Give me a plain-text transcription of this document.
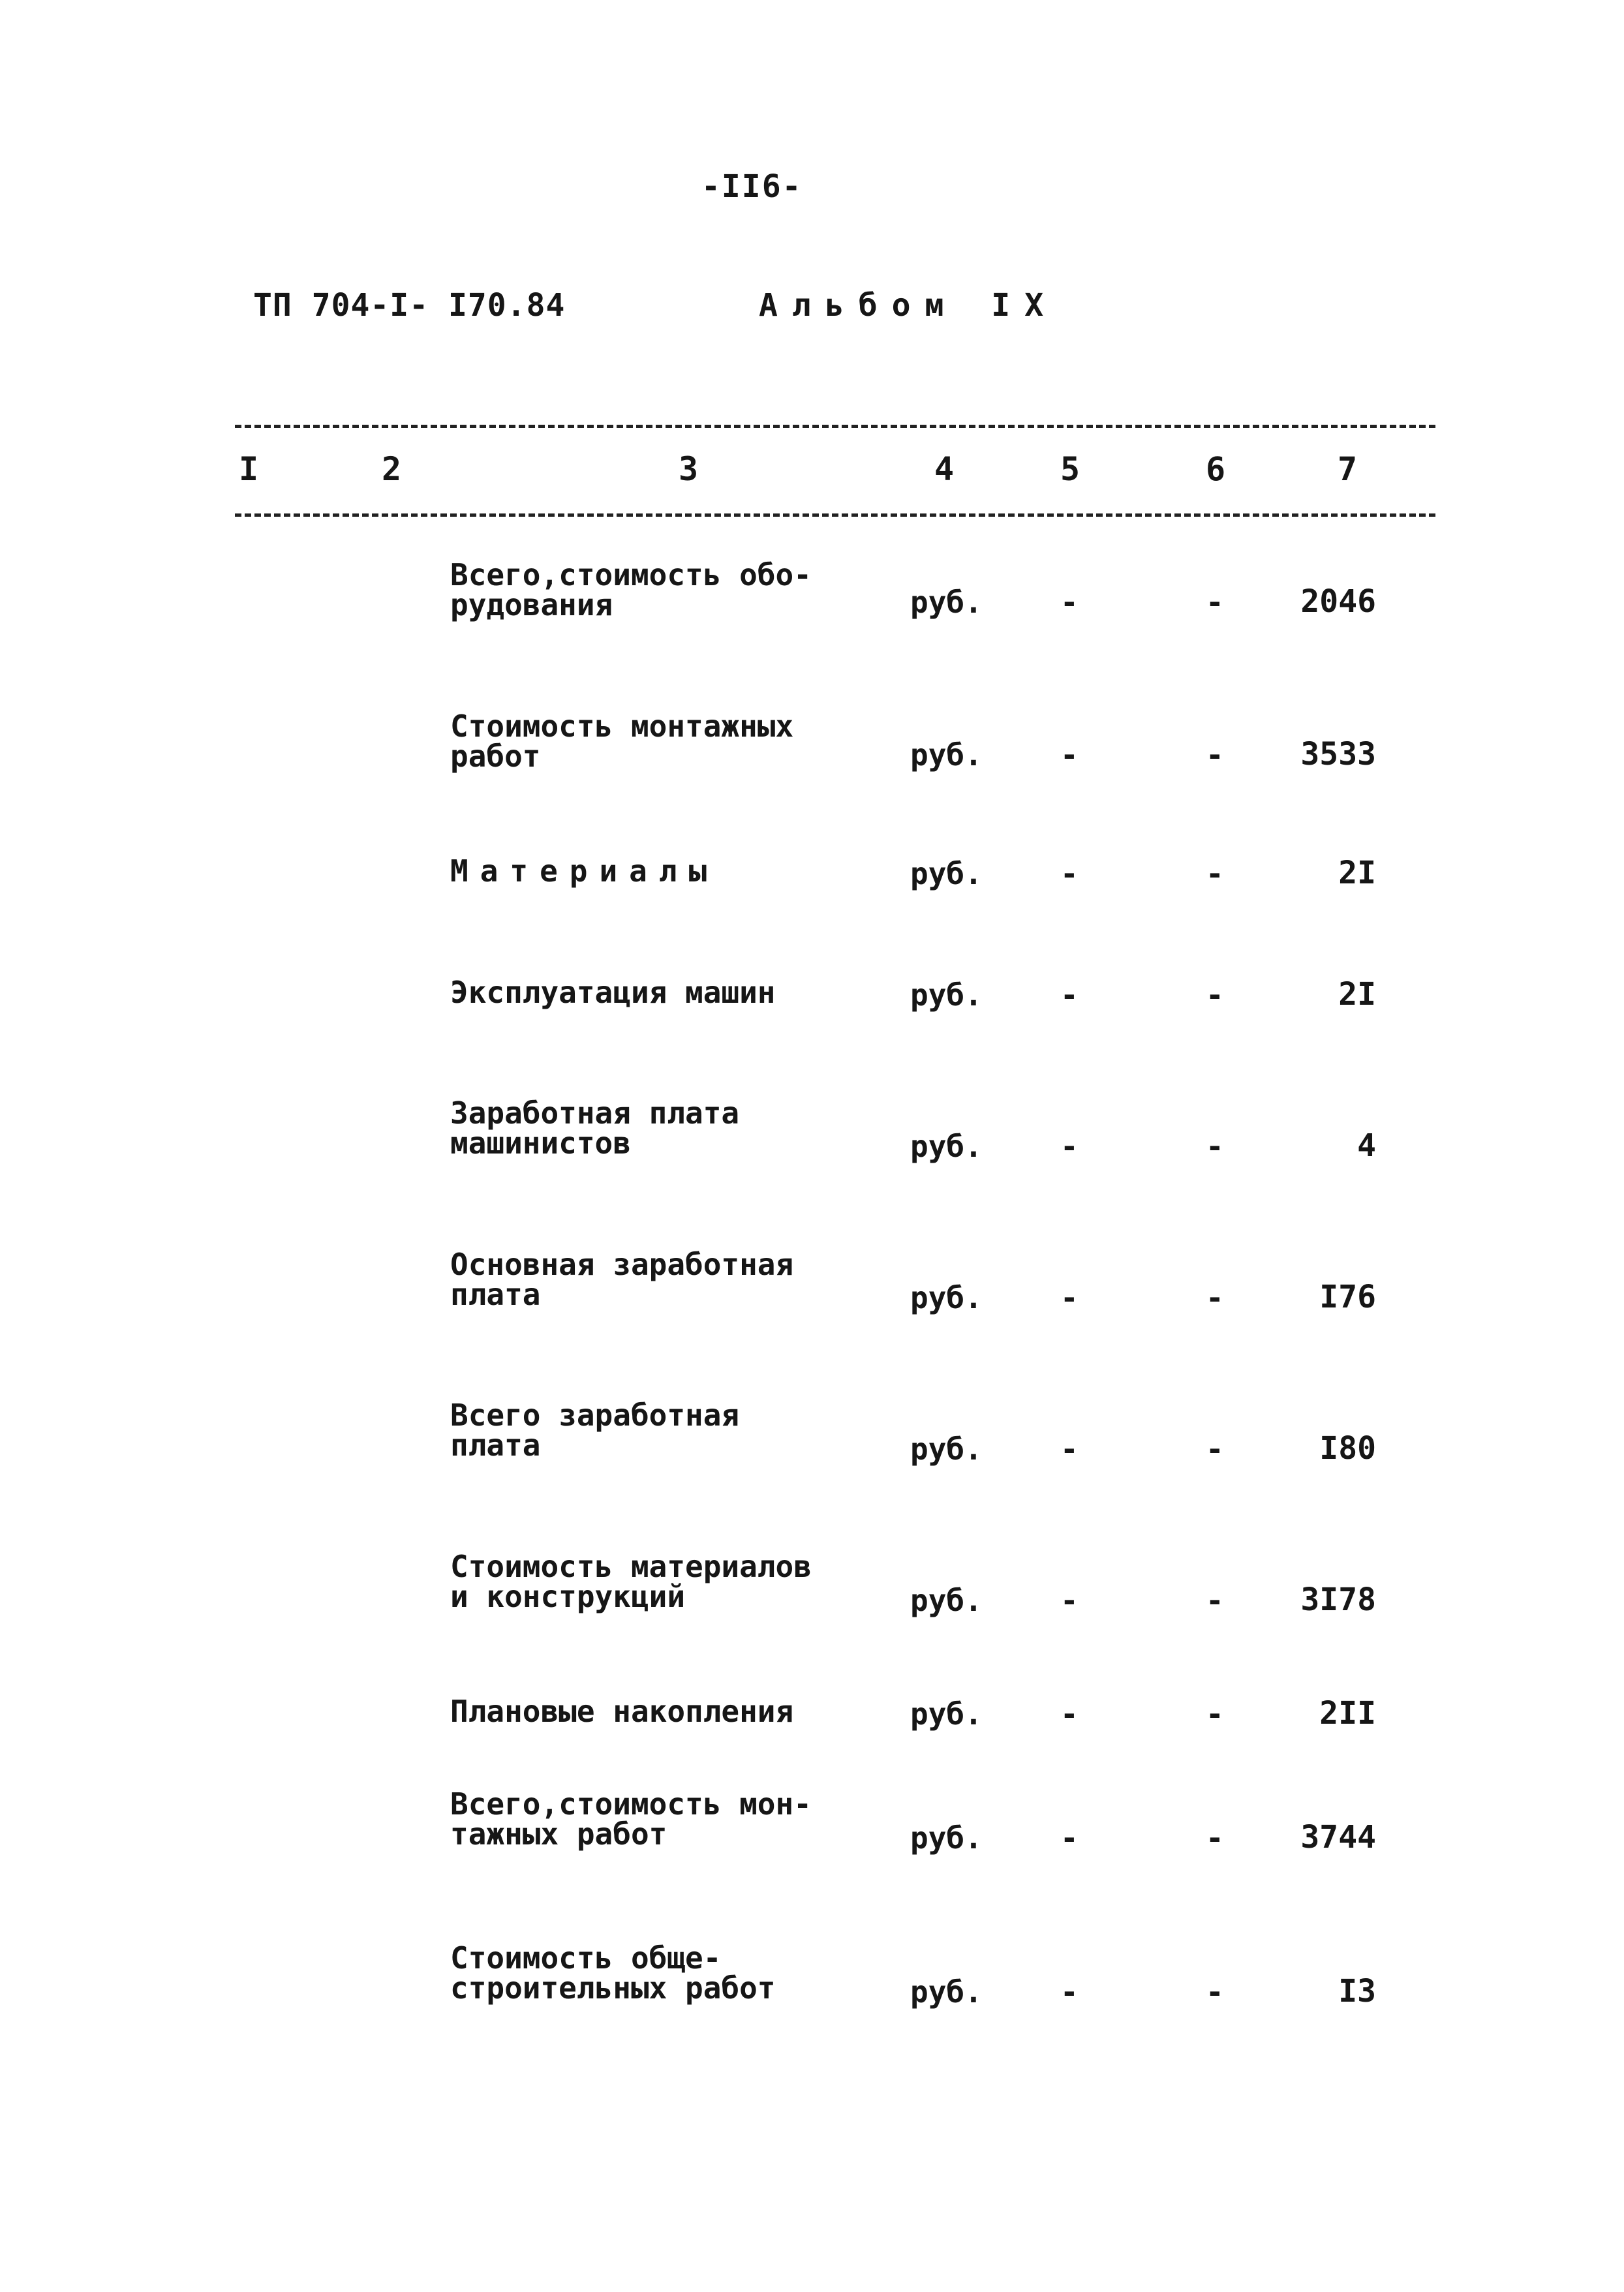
-II6-
ТП 704-I- I70.84	Альбом IX
I	2	3	4	5	6	7
Всего,стоимость обо-
рудования	руб.	-	- 2046
Стоимость монтажных
работ	руб.	-	- 3533
Материалы	руб.	-	-	2I
Эксплуатация машин	руб.	-	-	2I
Заработная плата
машинистов	руб.	-	-	4
Основная заработная
плата	руб.	-	-	I76
Всего заработная
плата	руб.	-	-	I80
Стоимость материалов
и конструкций	руб.	-	- 3I78
Плановые накопления	руб.	-	-	2II
Всего,стоимость мон-
тажных работ	руб.	-	- 3744
Стоимость обще-
строительных работ	руб.	-	-	I3
